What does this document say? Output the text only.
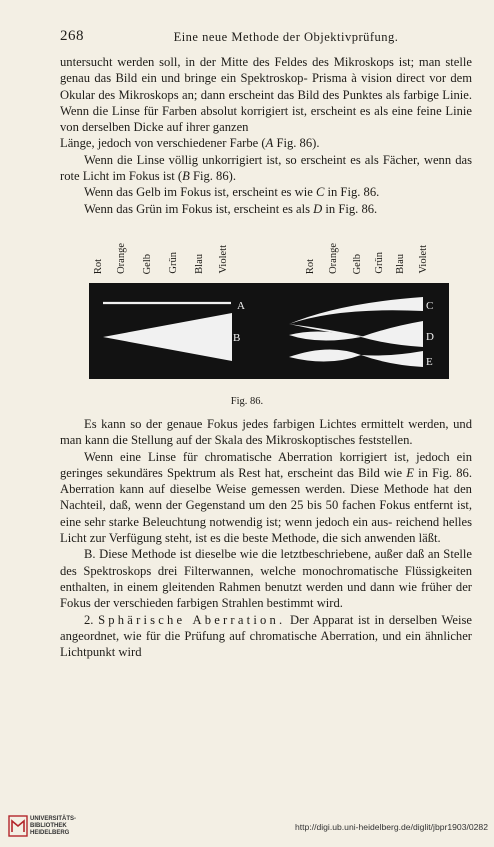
268	Eine neue Methode der Objektivprüfung.

untersucht werden soll, in der Mitte des Feldes des Mikroskops ist; man stelle genau das Bild ein und bringe ein Spektroskop- Prisma à vision direct vor dem Okular des Mikroskops an; dann erscheint das Bild des Punktes als farbige Linie. Wenn die Linse für Farben absolut korrigiert ist, erscheint es als eine feine Linie von derselben Dicke auf ihrer ganzen
Länge, jedoch von verschiedener Farbe (A Fig. 86).

Wenn die Linse völlig unkorrigiert ist, so erscheint es als Fächer, wenn das rote Licht im Fokus ist (B Fig. 86).

Wenn das Gelb im Fokus ist, erscheint es wie C in Fig. 86.

Wenn das Grün im Fokus ist, erscheint es als D in Fig. 86.

Rot Orange Gelb Grün Blau Violett	Rot Orange Gelb Grün Blau Violett
A
B
C
D
E
Fig. 86.

Es kann so der genaue Fokus jedes farbigen Lichtes ermittelt werden, und man kann die Stellung auf der Skala des Mikroskoptisches feststellen.

Wenn eine Linse für chromatische Aberration korrigiert ist, jedoch ein geringes sekundäres Spektrum als Rest hat, erscheint das Bild wie E in Fig. 86. Aberration kann auf dieselbe Weise gemessen werden. Diese Methode hat den Nachteil, daß, wenn der Gegenstand um den 25 bis 50 fachen Fokus entfernt ist, eine sehr starke Beleuchtung notwendig ist; wenn jedoch ein aus- reichend helles Licht zur Verfügung steht, ist es die beste Methode, die sich anwenden läßt.

B. Diese Methode ist dieselbe wie die letztbeschriebene, außer daß an Stelle des Spektroskops drei Filterwannen, welche monochromatische Flüssigkeiten enthalten, in einem gleitenden Rahmen benutzt werden und dann wie früher der Fokus der verschieden farbigen Strahlen bestimmt wird.

2. Sphärische Aberration. Der Apparat ist in derselben Weise angeordnet, wie für die Prüfung auf chromatische Aberration, und ein ähnlicher Lichtpunkt wird

UNIVERSITÄTS-
BIBLIOTHEK
HEIDELBERG
http://digi.ub.uni-heidelberg.de/diglit/jbpr1903/0282
